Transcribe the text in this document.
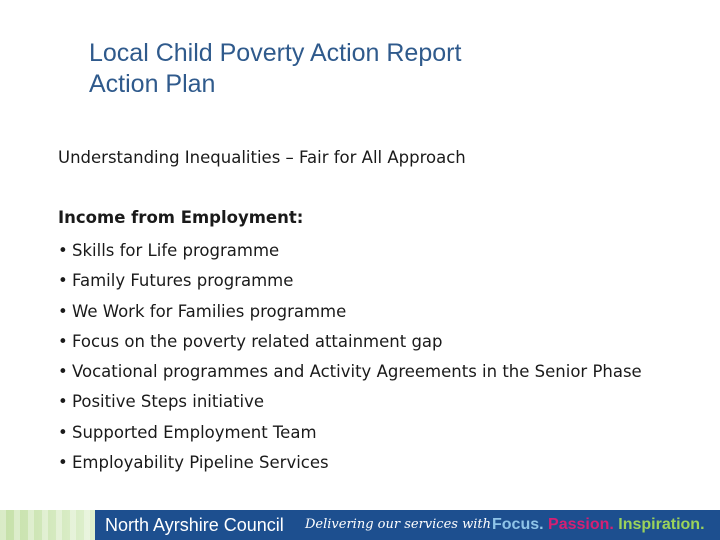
Local Child Poverty Action Report
Action Plan
Understanding Inequalities – Fair for All Approach
Income from Employment:
• Skills for Life programme
• Family Futures programme
• We Work for Families programme
• Focus on the poverty related attainment gap
• Vocational programmes and Activity Agreements in the Senior Phase
• Positive Steps initiative
• Supported Employment Team
• Employability Pipeline Services
North Ayrshire Council Delivering our services with Focus. Passion. Inspiration.
